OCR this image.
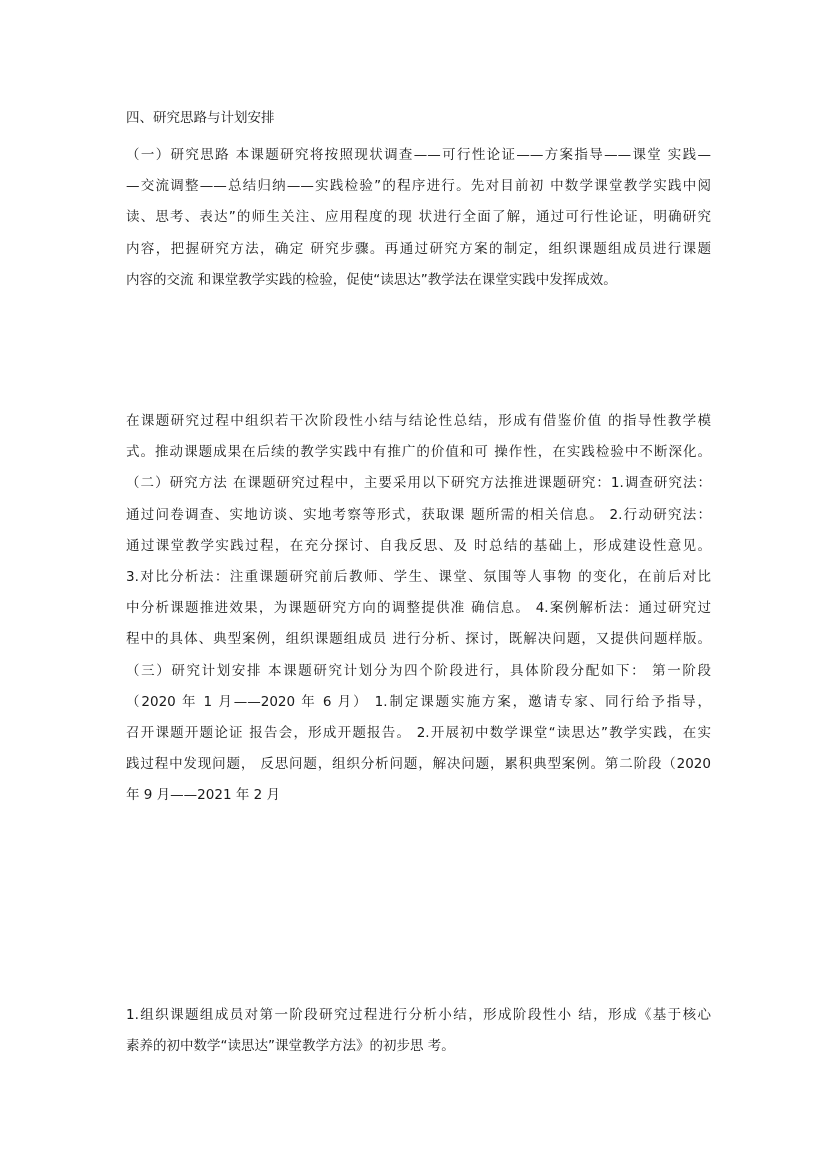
四、研究思路与计划安排
（一）研究思路 本课题研究将按照现状调查——可行性论证——方案指导——课堂 实践—
—交流调整——总结归纳——实践检验”的程序进行。先对目前初 中数学课堂教学实践中阅
读、思考、表达”的师生关注、应用程度的现 状进行全面了解，通过可行性论证，明确研究
内容，把握研究方法，确定 研究步骤。再通过研究方案的制定，组织课题组成员进行课题
内容的交流 和课堂教学实践的检验，促使“读思达”教学法在课堂实践中发挥成效。
在课题研究过程中组织若干次阶段性小结与结论性总结，形成有借鉴价值 的指导性教学模
式。推动课题成果在后续的教学实践中有推广的价值和可 操作性，在实践检验中不断深化。
（二）研究方法 在课题研究过程中，主要采用以下研究方法推进课题研究：1.调查研究法：
通过问卷调查、实地访谈、实地考察等形式，获取课 题所需的相关信息。 2.行动研究法：
通过课堂教学实践过程，在充分探讨、自我反思、及 时总结的基础上，形成建设性意见。
3.对比分析法：注重课题研究前后教师、学生、课堂、氛围等人事物 的变化，在前后对比
中分析课题推进效果，为课题研究方向的调整提供准 确信息。 4.案例解析法：通过研究过
程中的具体、典型案例，组织课题组成员 进行分析、探讨，既解决问题，又提供问题样版。
（三）研究计划安排 本课题研究计划分为四个阶段进行，具体阶段分配如下： 第一阶段
（2020 年 1 月——2020 年 6 月） 1.制定课题实施方案，邀请专家、同行给予指导，
召开课题开题论证 报告会，形成开题报告。 2.开展初中数学课堂“读思达”教学实践，在实
践过程中发现问题， 反思问题，组织分析问题，解决问题，累积典型案例。第二阶段（2020
年 9 月——2021 年 2 月
1.组织课题组成员对第一阶段研究过程进行分析小结，形成阶段性小 结，形成《基于核心
素养的初中数学“读思达”课堂教学方法》的初步思 考。
